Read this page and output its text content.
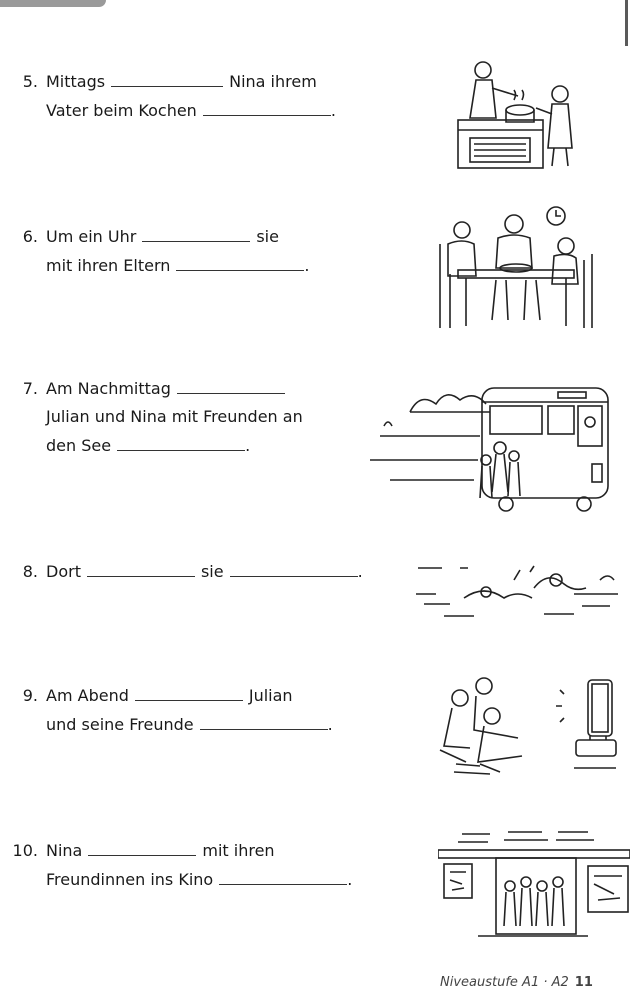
5. Mittags	Nina ihrem
Vater beim Kochen	.
6. Um ein Uhr	sie
mit ihren Eltern	.
7. Am Nachmittag
Julian und Nina mit Freunden an
den See	.
8. Dort	sie	.
9. Am Abend	Julian
und seine Freunde	.
10. Nina	mit ihren
Freundinnen ins Kino	.
Niveaustufe A1 · A2 11
